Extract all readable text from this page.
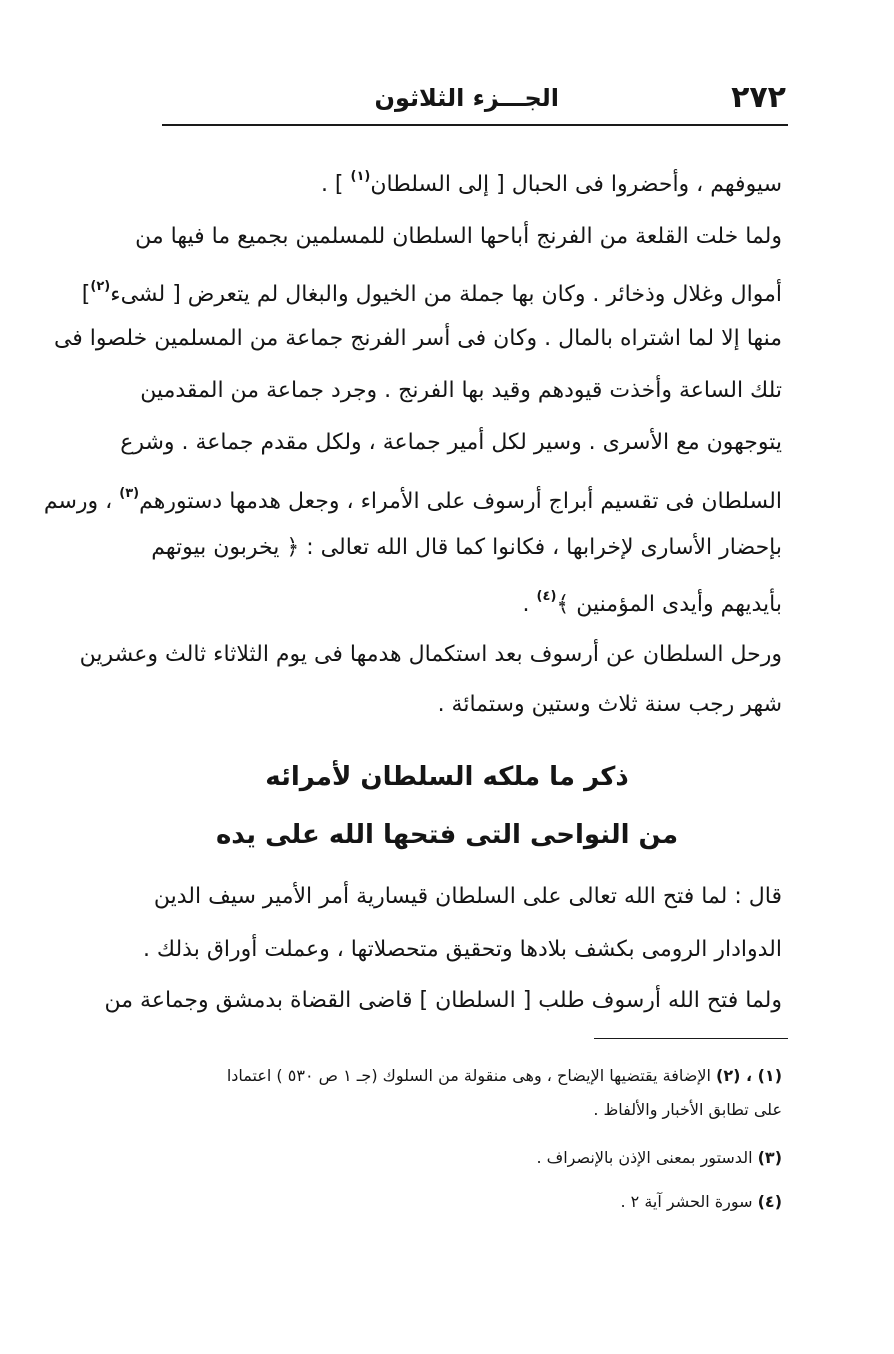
٢٧٢
الجـــزء الثلاثون
سيوفهم ، وأحضروا فى الحبال [ إلى السلطان$^{(١)}$ ] .
ولما خلت القلعة من الفرنج أباحها السلطان للمسلمين بجميع ما فيها من
أموال وغلال وذخائر . وكان بها جملة من الخيول والبغال لم يتعرض [ لشىء$^{(٢)}$]
منها إلا لما اشتراه بالمال . وكان فى أسر الفرنج جماعة من المسلمين خلصوا فى
تلك الساعة وأخذت قيودهم وقيد بها الفرنج . وجرد جماعة من المقدمين
يتوجهون مع الأسرى . وسير لكل أمير جماعة ، ولكل مقدم جماعة . وشرع
السلطان فى تقسيم أبراج أرسوف على الأمراء ، وجعل هدمها دستورهم$^{(٣)}$ ، ورسم
بإحضار الأسارى لإخرابها ، فكانوا كما قال الله تعالى : ﴿ يخربون بيوتهم
بأيديهم وأيدى المؤمنين ﴾$^{(٤)}$ .
ورحل السلطان عن أرسوف بعد استكمال هدمها فى يوم الثلاثاء ثالث وعشرين
شهر رجب سنة ثلاث وستين وستمائة .
ذكر ما ملكه السلطان لأمرائه
من النواحى التى فتحها الله على يده
قال : لما فتح الله تعالى على السلطان قيسارية أمر الأمير سيف الدين
الدوادار الرومى بكشف بلادها وتحقيق متحصلاتها ، وعملت أوراق بذلك .
ولما فتح الله أرسوف طلب [ السلطان ] قاضى القضاة بدمشق وجماعة من
(١) ، (٢) الإضافة يقتضيها الإيضاح ، وهى منقولة من السلوك (جـ ١ ص ٥٣٠ ) اعتمادا
على تطابق الأخبار والألفاظ .
(٣) الدستور بمعنى الإذن بالإنصراف .
(٤) سورة الحشر آية ٢ .
